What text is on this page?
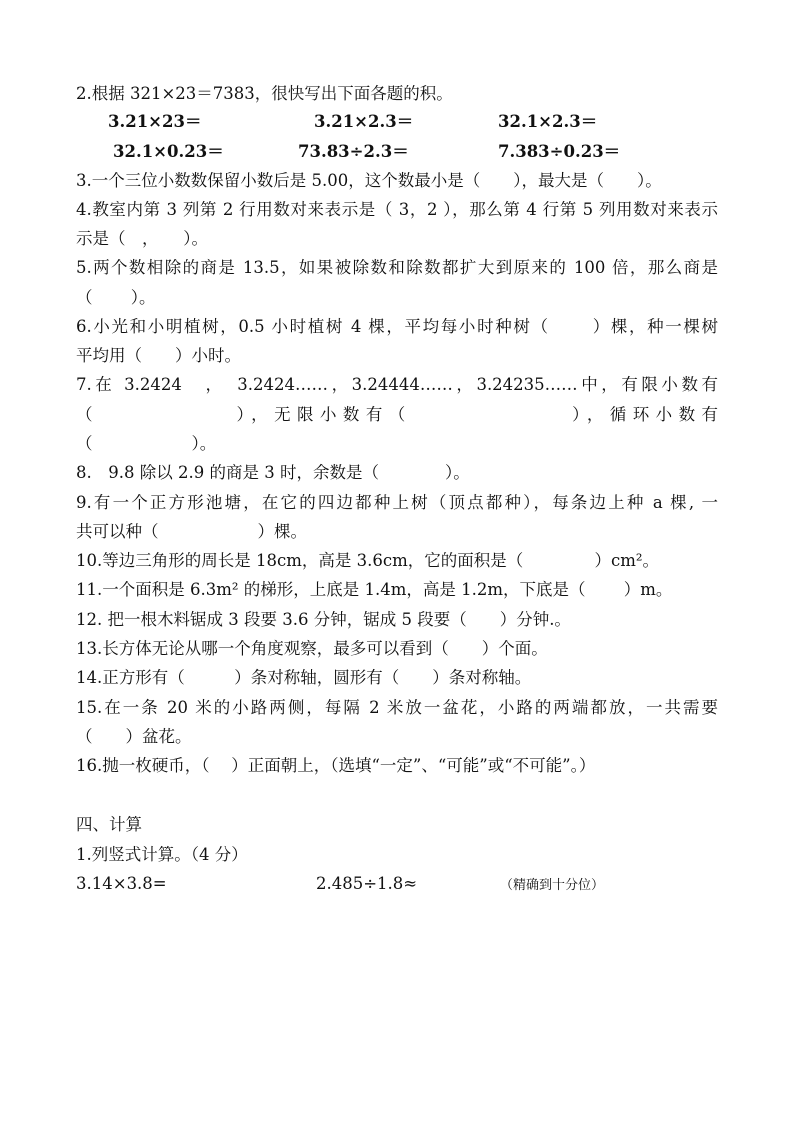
2.根据 321×23＝7383，很快写出下面各题的积。
3.21×23＝	3.21×2.3＝	32.1×2.3＝
32.1×0.23＝	73.83÷2.3＝	7.383÷0.23＝
3.一个三位小数数保留小数后是 5.00，这个数最小是（　　），最大是（　　）。
4.教室内第 3 列第 2 行用数对来表示是（ 3，2 ），那么第 4 行第 5 列用数对来表示
示是（　，　　）。
5.两个数相除的商是 13.5，如果被除数和除数都扩大到原来的 100 倍，那么商是
（　　 ）。
6.小光和小明植树，0.5 小时植树 4 棵，平均每小时种树（　　 ）棵，种一棵树
平均用（　　）小时。
7.在 3.2424　，　3.2424……，3.24444……，3.24235……中，有限小数有
（　　　　　　），无限小数有（　　　　　　　），循环小数有
（　　　　　　）。
8.　9.8 除以 2.9 的商是 3 时，余数是（　　　　）。
9.有一个正方形池塘，在它的四边都种上树（顶点都种），每条边上种 a 棵, 一
共可以种（　　　　　　）棵。
10.等边三角形的周长是 18cm，高是 3.6cm，它的面积是（　　　　 ）cm²。
11.一个面积是 6.3m² 的梯形，上底是 1.4m，高是 1.2m，下底是（　　 ）m。
12. 把一根木料锯成 3 段要 3.6 分钟，锯成 5 段要（　　）分钟.。
13.长方体无论从哪一个角度观察，最多可以看到（　　）个面。
14.正方形有（　　　）条对称轴，圆形有（　　）条对称轴。
15.在一条 20 米的小路两侧，每隔 2 米放一盆花，小路的两端都放，一共需要
（　　）盆花。
16.抛一枚硬币，（　 ）正面朝上，（选填“一定”、“可能”或“不可能”。）
四、计算
1.列竖式计算。（4 分）
3.14×3.8=	2.485÷1.8≈	（精确到十分位）
